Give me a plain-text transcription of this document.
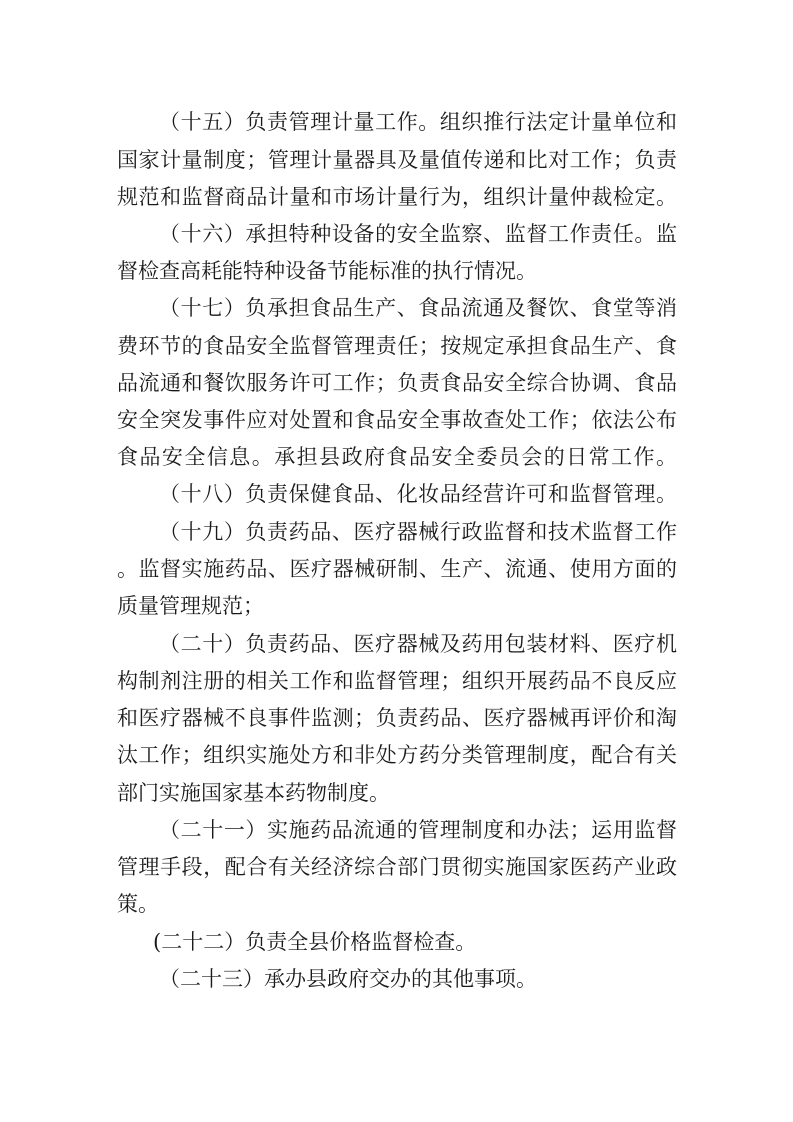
（十五）负责管理计量工作。组织推行法定计量单位和
国家计量制度；管理计量器具及量值传递和比对工作；负责
规范和监督商品计量和市场计量行为，组织计量仲裁检定。
（十六）承担特种设备的安全监察、监督工作责任。监
督检查高耗能特种设备节能标准的执行情况。
（十七）负承担食品生产、食品流通及餐饮、食堂等消
费环节的食品安全监督管理责任；按规定承担食品生产、食
品流通和餐饮服务许可工作；负责食品安全综合协调、食品
安全突发事件应对处置和食品安全事故查处工作；依法公布
食品安全信息。承担县政府食品安全委员会的日常工作。
（十八）负责保健食品、化妆品经营许可和监督管理。
（十九）负责药品、医疗器械行政监督和技术监督工作
。监督实施药品、医疗器械研制、生产、流通、使用方面的
质量管理规范；
（二十）负责药品、医疗器械及药用包装材料、医疗机
构制剂注册的相关工作和监督管理；组织开展药品不良反应
和医疗器械不良事件监测；负责药品、医疗器械再评价和淘
汰工作；组织实施处方和非处方药分类管理制度，配合有关
部门实施国家基本药物制度。
（二十一）实施药品流通的管理制度和办法；运用监督
管理手段，配合有关经济综合部门贯彻实施国家医药产业政
策。
(二十二）负责全县价格监督检查。
（二十三）承办县政府交办的其他事项。
